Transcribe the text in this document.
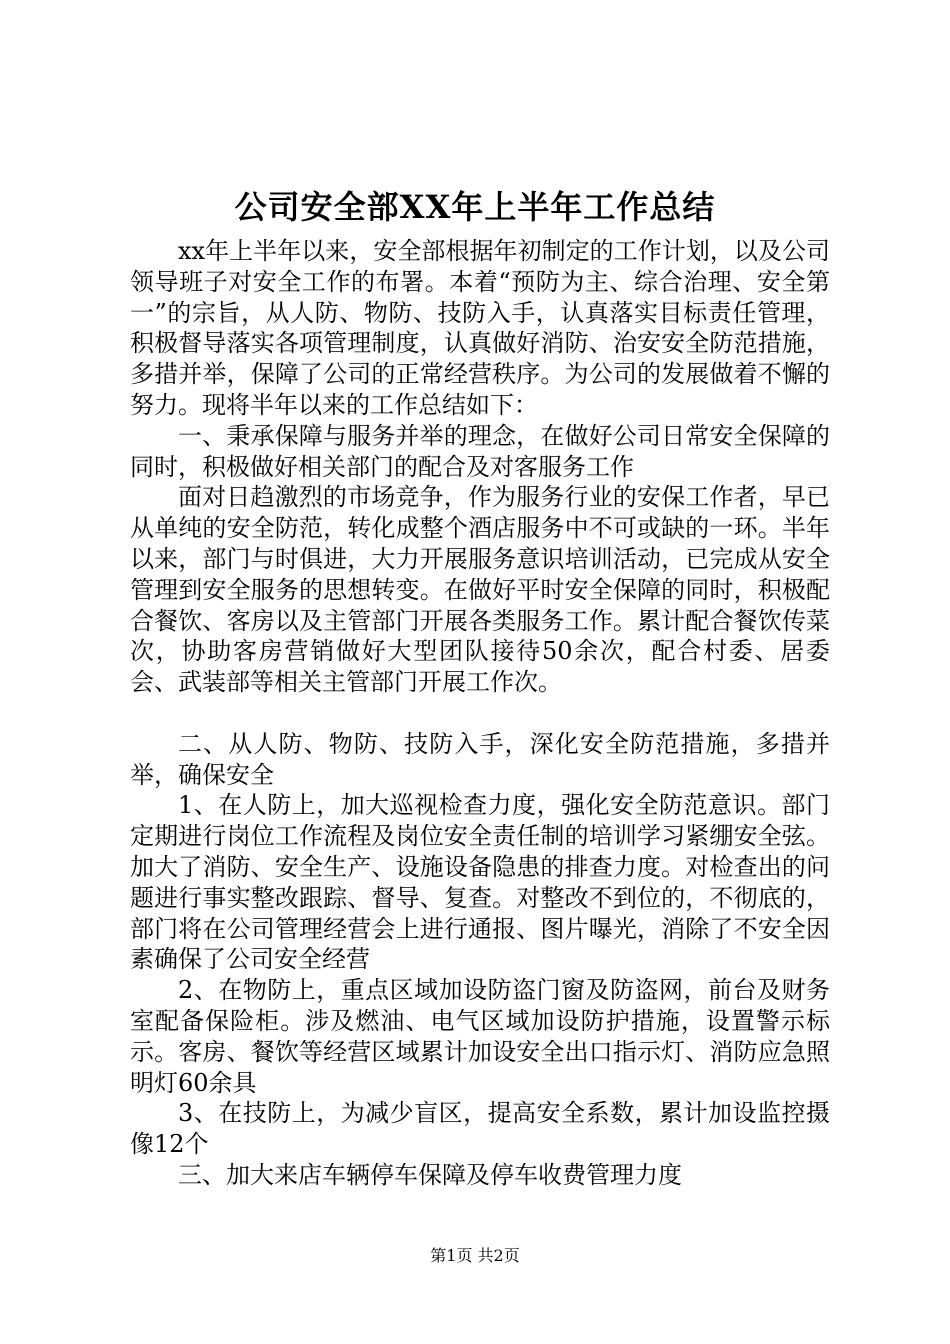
公司安全部XX年上半年工作总结

xx年上半年以来，安全部根据年初制定的工作计划，以及公司领导班子对安全工作的布署。本着“预防为主、综合治理、安全第一”的宗旨，从人防、物防、技防入手，认真落实目标责任管理，积极督导落实各项管理制度，认真做好消防、治安安全防范措施，多措并举，保障了公司的正常经营秩序。为公司的发展做着不懈的努力。现将半年以来的工作总结如下：

一、秉承保障与服务并举的理念，在做好公司日常安全保障的同时，积极做好相关部门的配合及对客服务工作

面对日趋激烈的市场竞争，作为服务行业的安保工作者，早已从单纯的安全防范，转化成整个酒店服务中不可或缺的一环。半年以来，部门与时俱进，大力开展服务意识培训活动，已完成从安全管理到安全服务的思想转变。在做好平时安全保障的同时，积极配合餐饮、客房以及主管部门开展各类服务工作。累计配合餐饮传菜次，协助客房营销做好大型团队接待50余次，配合村委、居委会、武装部等相关主管部门开展工作次。

二、从人防、物防、技防入手，深化安全防范措施，多措并举，确保安全

1、在人防上，加大巡视检查力度，强化安全防范意识。部门定期进行岗位工作流程及岗位安全责任制的培训学习紧绷安全弦。加大了消防、安全生产、设施设备隐患的排查力度。对检查出的问题进行事实整改跟踪、督导、复查。对整改不到位的，不彻底的，部门将在公司管理经营会上进行通报、图片曝光，消除了不安全因素确保了公司安全经营

2、在物防上，重点区域加设防盗门窗及防盗网，前台及财务室配备保险柜。涉及燃油、电气区域加设防护措施，设置警示标示。客房、餐饮等经营区域累计加设安全出口指示灯、消防应急照明灯60余具

3、在技防上，为减少盲区，提高安全系数，累计加设监控摄像12个

三、加大来店车辆停车保障及停车收费管理力度

第1页 共2页
